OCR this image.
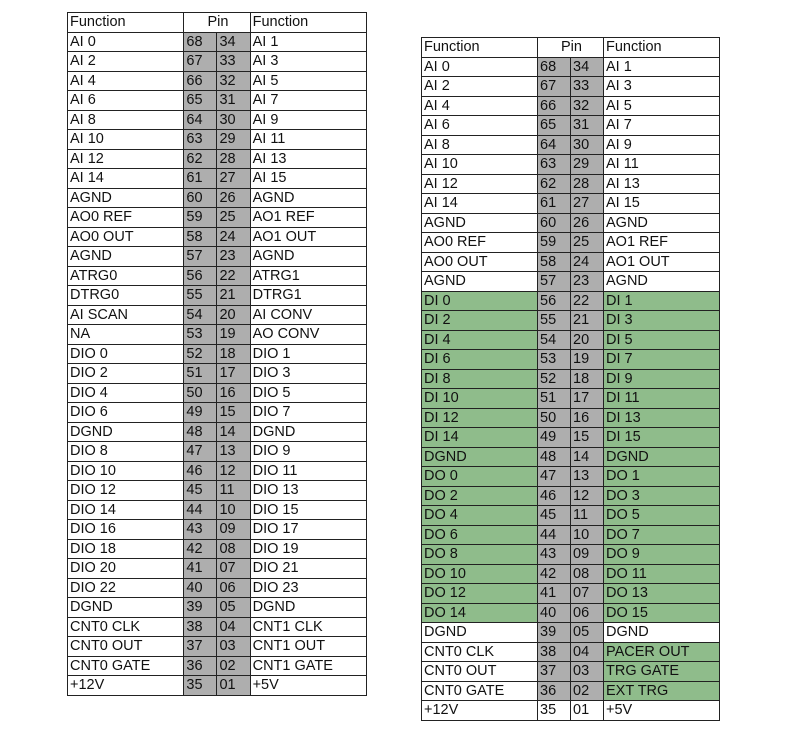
Function	Pin		Function
AI 0	68	34	AI 1
AI 2	67	33	AI 3
AI 4	66	32	AI 5
AI 6	65	31	AI 7
AI 8	64	30	AI 9
AI 10	63	29	AI 11
AI 12	62	28	AI 13
AI 14	61	27	AI 15
AGND	60	26	AGND
AO0 REF	59	25	AO1 REF
AO0 OUT	58	24	AO1 OUT
AGND	57	23	AGND
ATRG0	56	22	ATRG1
DTRG0	55	21	DTRG1
AI SCAN	54	20	AI CONV
NA	53	19	AO CONV
DIO 0	52	18	DIO 1
DIO 2	51	17	DIO 3
DIO 4	50	16	DIO 5
DIO 6	49	15	DIO 7
DGND	48	14	DGND
DIO 8	47	13	DIO 9
DIO 10	46	12	DIO 11
DIO 12	45	11	DIO 13
DIO 14	44	10	DIO 15
DIO 16	43	09	DIO 17
DIO 18	42	08	DIO 19
DIO 20	41	07	DIO 21
DIO 22	40	06	DIO 23
DGND	39	05	DGND
CNT0 CLK	38	04	CNT1 CLK
CNT0 OUT	37	03	CNT1 OUT
CNT0 GATE	36	02	CNT1 GATE
+12V	35	01	+5V
Function	Pin		Function
AI 0	68	34	AI 1
AI 2	67	33	AI 3
AI 4	66	32	AI 5
AI 6	65	31	AI 7
AI 8	64	30	AI 9
AI 10	63	29	AI 11
AI 12	62	28	AI 13
AI 14	61	27	AI 15
AGND	60	26	AGND
AO0 REF	59	25	AO1 REF
AO0 OUT	58	24	AO1 OUT
AGND	57	23	AGND
DI 0	56	22	DI 1
DI 2	55	21	DI 3
DI 4	54	20	DI 5
DI 6	53	19	DI 7
DI 8	52	18	DI 9
DI 10	51	17	DI 11
DI 12	50	16	DI 13
DI 14	49	15	DI 15
DGND	48	14	DGND
DO 0	47	13	DO 1
DO 2	46	12	DO 3
DO 4	45	11	DO 5
DO 6	44	10	DO 7
DO 8	43	09	DO 9
DO 10	42	08	DO 11
DO 12	41	07	DO 13
DO 14	40	06	DO 15
DGND	39	05	DGND
CNT0 CLK	38	04	PACER OUT
CNT0 OUT	37	03	TRG GATE
CNT0 GATE	36	02	EXT TRG
+12V	35	01	+5V
